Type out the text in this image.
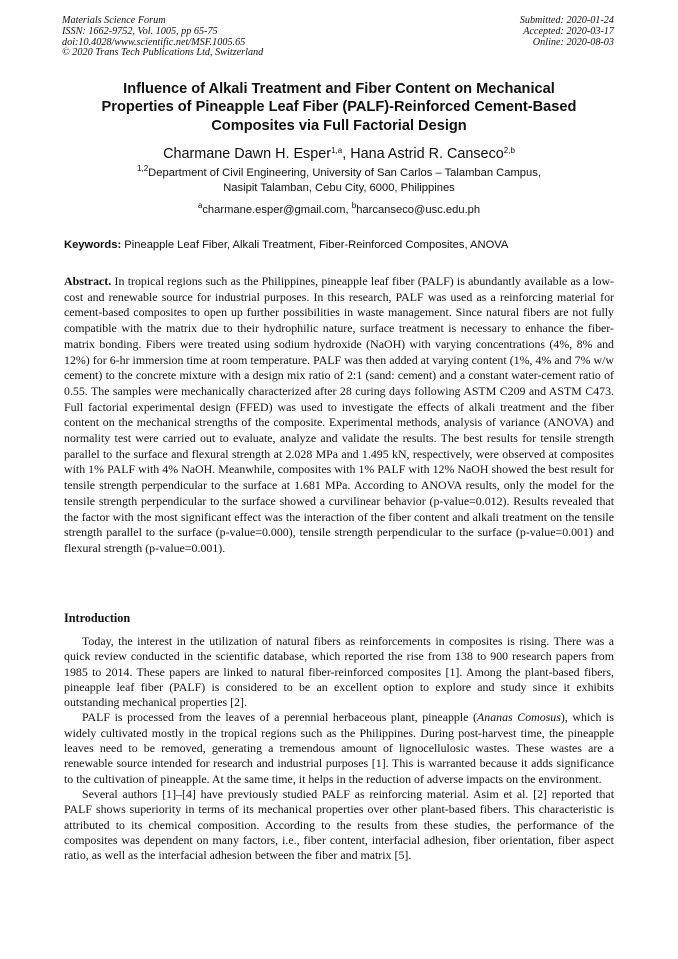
Materials Science Forum
ISSN: 1662-9752, Vol. 1005, pp 65-75
doi:10.4028/www.scientific.net/MSF.1005.65
© 2020 Trans Tech Publications Ltd, Switzerland
Submitted: 2020-01-24
Accepted: 2020-03-17
Online: 2020-08-03
Influence of Alkali Treatment and Fiber Content on Mechanical
Properties of Pineapple Leaf Fiber (PALF)-Reinforced Cement-Based
Composites via Full Factorial Design
Charmane Dawn H. Esper$^{1,a}$, Hana Astrid R. Canseco$^{2,b}$
$^{1,2}$Department of Civil Engineering, University of San Carlos – Talamban Campus,
Nasipit Talamban, Cebu City, 6000, Philippines
$^a$charmane.esper@gmail.com, $^b$harcanseco@usc.edu.ph
Keywords: Pineapple Leaf Fiber, Alkali Treatment, Fiber-Reinforced Composites, ANOVA
Abstract. In tropical regions such as the Philippines, pineapple leaf fiber (PALF) is abundantly available as a low-cost and renewable source for industrial purposes. In this research, PALF was used as a reinforcing material for cement-based composites to open up further possibilities in waste management. Since natural fibers are not fully compatible with the matrix due to their hydrophilic nature, surface treatment is necessary to enhance the fiber-matrix bonding. Fibers were treated using sodium hydroxide (NaOH) with varying concentrations (4%, 8% and 12%) for 6-hr immersion time at room temperature. PALF was then added at varying content (1%, 4% and 7% w/w cement) to the concrete mixture with a design mix ratio of 2:1 (sand: cement) and a constant water-cement ratio of 0.55. The samples were mechanically characterized after 28 curing days following ASTM C209 and ASTM C473. Full factorial experimental design (FFED) was used to investigate the effects of alkali treatment and the fiber content on the mechanical strengths of the composite. Experimental methods, analysis of variance (ANOVA) and normality test were carried out to evaluate, analyze and validate the results. The best results for tensile strength parallel to the surface and flexural strength at 2.028 MPa and 1.495 kN, respectively, were observed at composites with 1% PALF with 4% NaOH. Meanwhile, composites with 1% PALF with 12% NaOH showed the best result for tensile strength perpendicular to the surface at 1.681 MPa. According to ANOVA results, only the model for the tensile strength perpendicular to the surface showed a curvilinear behavior (p-value=0.012). Results revealed that the factor with the most significant effect was the interaction of the fiber content and alkali treatment on the tensile strength parallel to the surface (p-value=0.000), tensile strength perpendicular to the surface (p-value=0.001) and flexural strength (p-value=0.001).
Introduction

Today, the interest in the utilization of natural fibers as reinforcements in composites is rising. There was a quick review conducted in the scientific database, which reported the rise from 138 to 900 research papers from 1985 to 2014. These papers are linked to natural fiber-reinforced composites [1]. Among the plant-based fibers, pineapple leaf fiber (PALF) is considered to be an excellent option to explore and study since it exhibits outstanding mechanical properties [2].

PALF is processed from the leaves of a perennial herbaceous plant, pineapple (Ananas Comosus), which is widely cultivated mostly in the tropical regions such as the Philippines. During post-harvest time, the pineapple leaves need to be removed, generating a tremendous amount of lignocellulosic wastes. These wastes are a renewable source intended for research and industrial purposes [1]. This is warranted because it adds significance to the cultivation of pineapple. At the same time, it helps in the reduction of adverse impacts on the environment.

Several authors [1]–[4] have previously studied PALF as reinforcing material. Asim et al. [2] reported that PALF shows superiority in terms of its mechanical properties over other plant-based fibers. This characteristic is attributed to its chemical composition. According to the results from these studies, the performance of the composites was dependent on many factors, i.e., fiber content, interfacial adhesion, fiber orientation, fiber aspect ratio, as well as the interfacial adhesion between the fiber and matrix [5].
